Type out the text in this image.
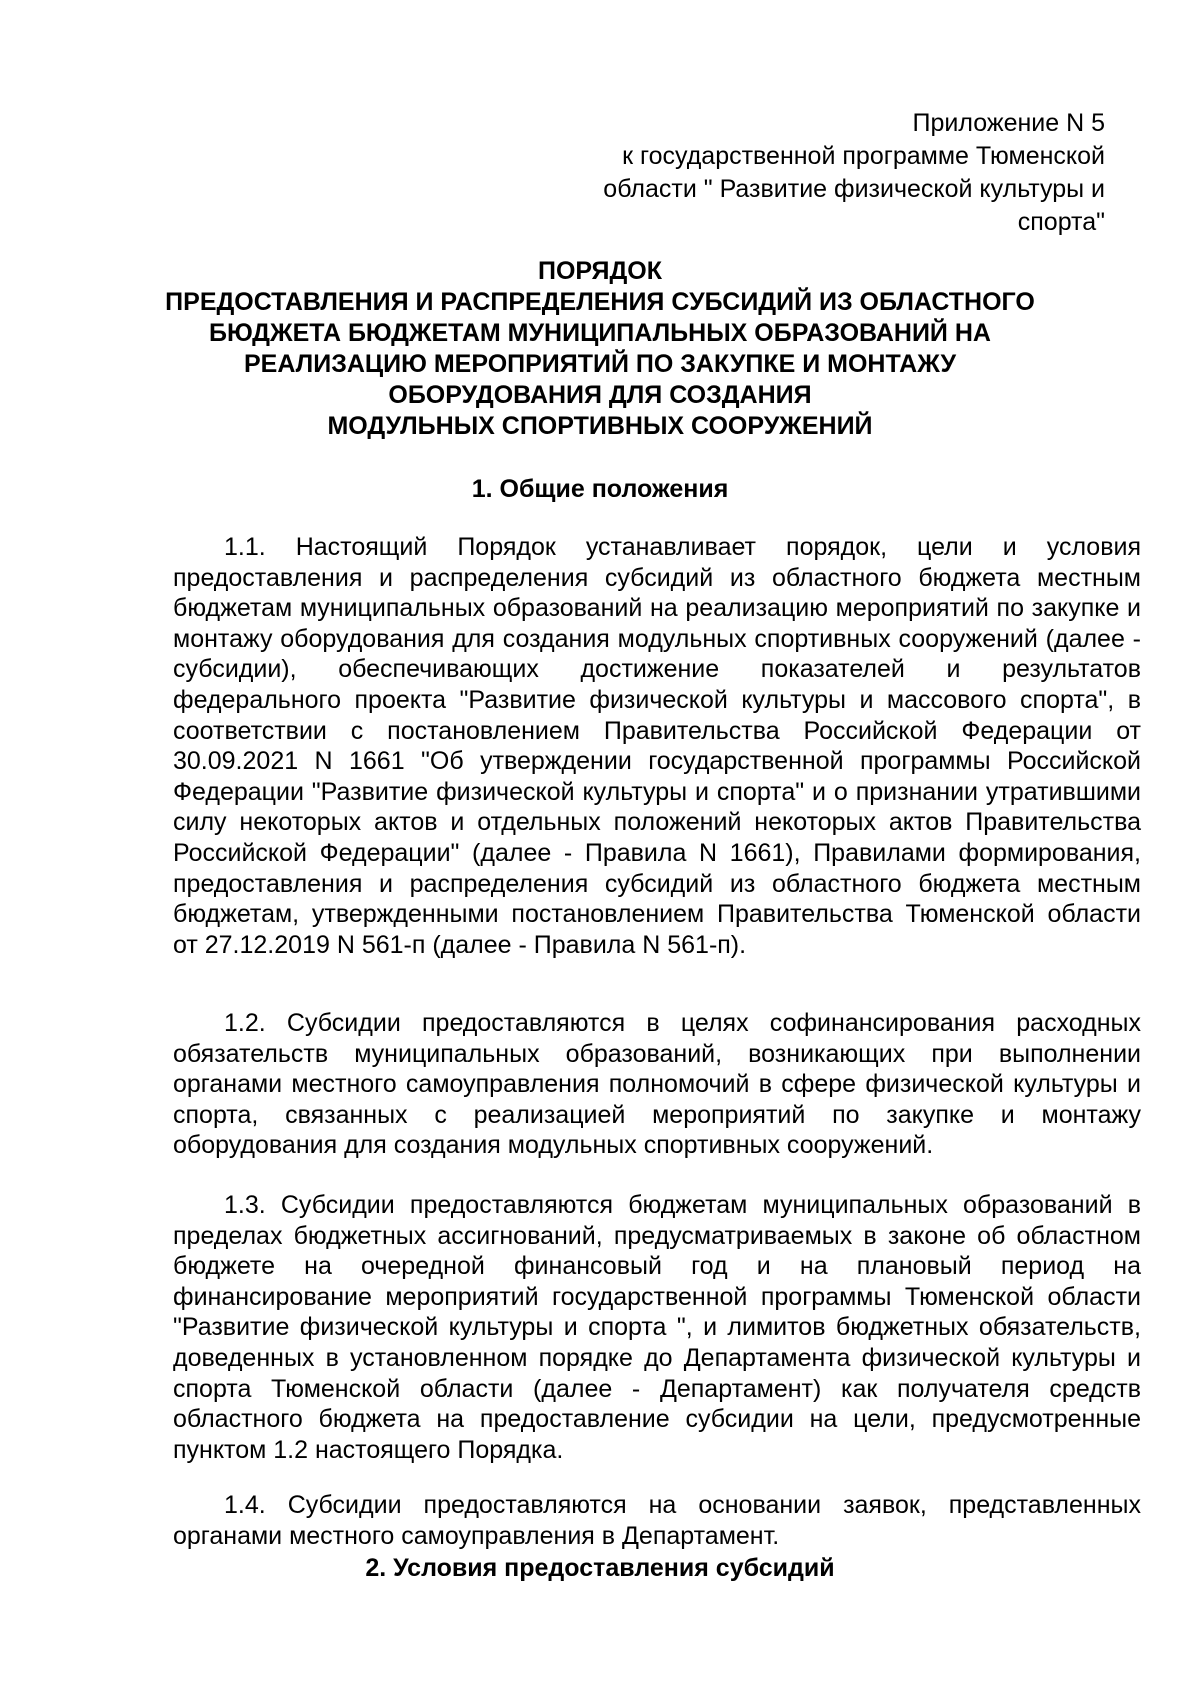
Приложение N 5
к государственной программе Тюменской
области " Развитие физической культуры и
спорта"
ПОРЯДОК
ПРЕДОСТАВЛЕНИЯ И РАСПРЕДЕЛЕНИЯ СУБСИДИЙ ИЗ ОБЛАСТНОГО
БЮДЖЕТА БЮДЖЕТАМ МУНИЦИПАЛЬНЫХ ОБРАЗОВАНИЙ НА
РЕАЛИЗАЦИЮ МЕРОПРИЯТИЙ ПО ЗАКУПКЕ И МОНТАЖУ
ОБОРУДОВАНИЯ ДЛЯ СОЗДАНИЯ
МОДУЛЬНЫХ СПОРТИВНЫХ СООРУЖЕНИЙ
1. Общие положения

1.1. Настоящий Порядок устанавливает порядок, цели и условия предоставления и распределения субсидий из областного бюджета местным бюджетам муниципальных образований на реализацию мероприятий по закупке и монтажу оборудования для создания модульных спортивных сооружений (далее - субсидии), обеспечивающих достижение показателей и результатов федерального проекта "Развитие физической культуры и массового спорта", в соответствии с постановлением Правительства Российской Федерации от 30.09.2021 N 1661 "Об утверждении государственной программы Российской Федерации "Развитие физической культуры и спорта" и о признании утратившими силу некоторых актов и отдельных положений некоторых актов Правительства Российской Федерации" (далее - Правила N 1661), Правилами формирования, предоставления и распределения субсидий из областного бюджета местным бюджетам, утвержденными постановлением Правительства Тюменской области от 27.12.2019 N 561-п (далее - Правила N 561-п).

1.2. Субсидии предоставляются в целях софинансирования расходных обязательств муниципальных образований, возникающих при выполнении органами местного самоуправления полномочий в сфере физической культуры и спорта, связанных с реализацией мероприятий по закупке и монтажу оборудования для создания модульных спортивных сооружений.

1.3. Субсидии предоставляются бюджетам муниципальных образований в пределах бюджетных ассигнований, предусматриваемых в законе об областном бюджете на очередной финансовый год и на плановый период на финансирование мероприятий государственной программы Тюменской области "Развитие физической культуры и спорта ", и лимитов бюджетных обязательств, доведенных в установленном порядке до Департамента физической культуры и спорта Тюменской области (далее - Департамент) как получателя средств областного бюджета на предоставление субсидии на цели, предусмотренные пунктом 1.2 настоящего Порядка.

1.4. Субсидии предоставляются на основании заявок, представленных органами местного самоуправления в Департамент.

2. Условия предоставления субсидий
